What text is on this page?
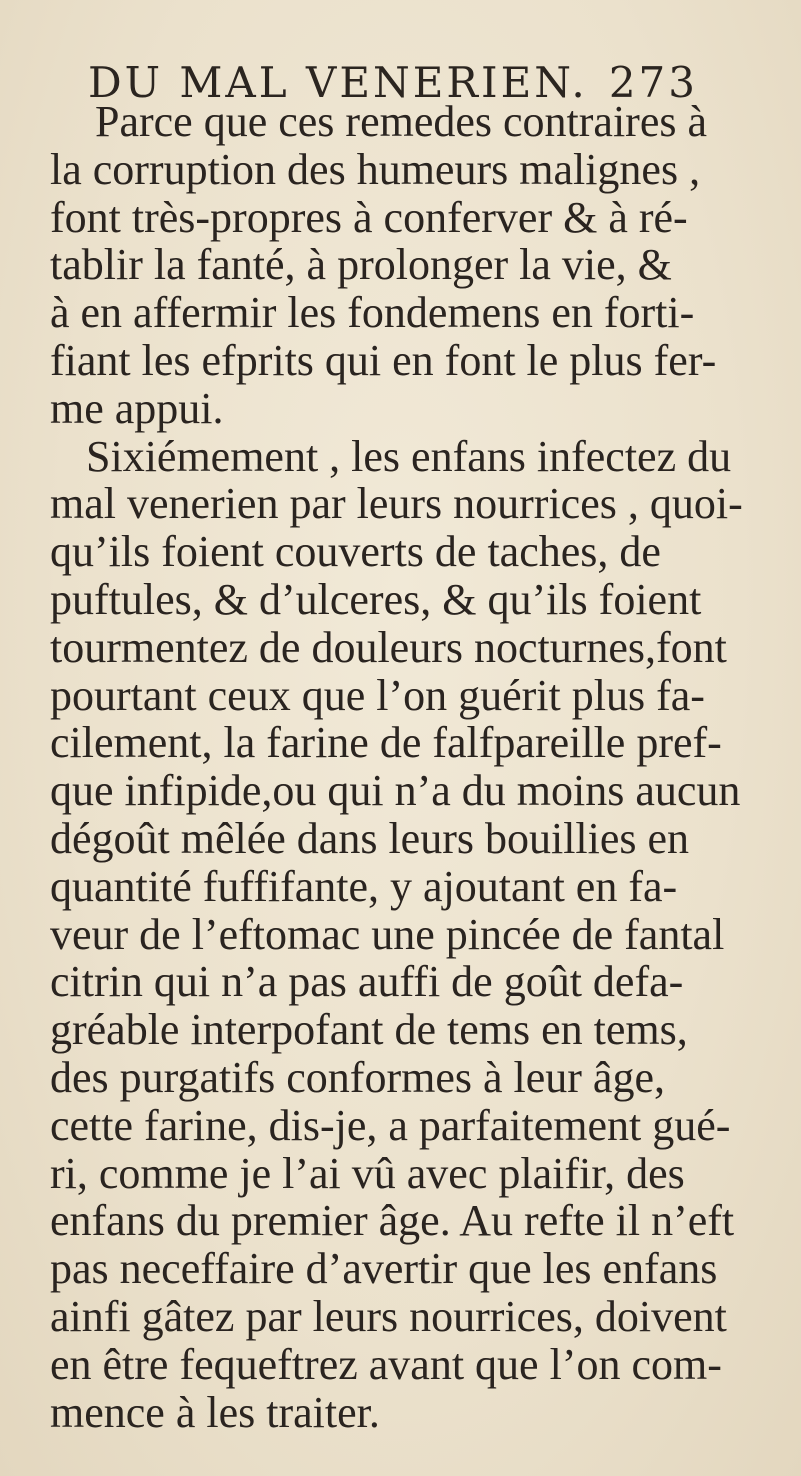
DU MAL VENERIEN. 273
Parce que ces remedes contraires à
la corruption des humeurs malignes ,
font très-propres à conferver & à ré-
tablir la fanté, à prolonger la vie, &
à en affermir les fondemens en forti-
fiant les efprits qui en font le plus fer-
me appui.
Sixiémement , les enfans infectez du
mal venerien par leurs nourrices , quoi-
qu’ils foient couverts de taches, de
puftules, & d’ulceres, & qu’ils foient
tourmentez de douleurs nocturnes,font
pourtant ceux que l’on guérit plus fa-
cilement, la farine de falfpareille pref-
que infipide,ou qui n’a du moins aucun
dégoût mêlée dans leurs bouillies en
quantité fuffifante, y ajoutant en fa-
veur de l’eftomac une pincée de fantal
citrin qui n’a pas auffi de goût defa-
gréable interpofant de tems en tems,
des purgatifs conformes à leur âge,
cette farine, dis-je, a parfaitement gué-
ri, comme je l’ai vû avec plaifir, des
enfans du premier âge. Au refte il n’eft
pas neceffaire d’avertir que les enfans
ainfi gâtez par leurs nourrices, doivent
en être fequeftrez avant que l’on com-
mence à les traiter.
